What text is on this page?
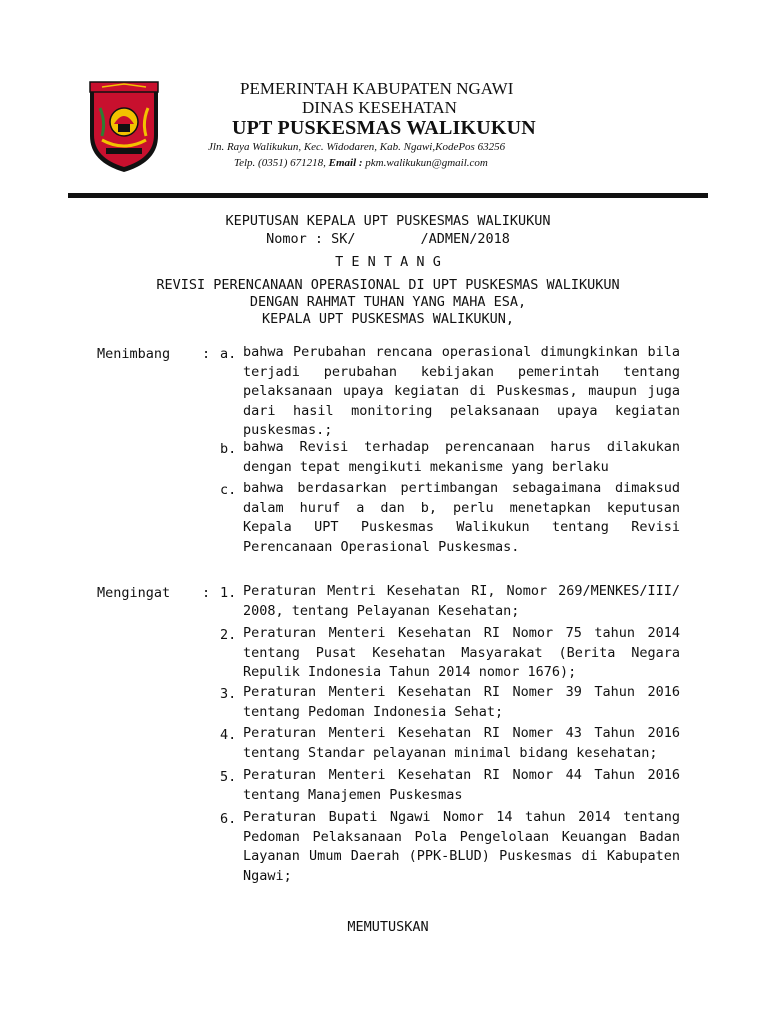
PEMERINTAH KABUPATEN NGAWI
DINAS KESEHATAN
UPT PUSKESMAS WALIKUKUN
Jln. Raya Walikukun, Kec. Widodaren, Kab. Ngawi,KodePos 63256
Telp. (0351) 671218, Email : pkm.walikukun@gmail.com
KEPUTUSAN KEPALA UPT PUSKESMAS WALIKUKUN
Nomor : SK/        /ADMEN/2018
T E N T A N G
REVISI PERENCANAAN OPERASIONAL DI UPT PUSKESMAS WALIKUKUN
DENGAN RAHMAT TUHAN YANG MAHA ESA,
KEPALA UPT PUSKESMAS WALIKUKUN,
Menimbang : a. bahwa Perubahan rencana operasional dimungkinkan bila terjadi perubahan kebijakan pemerintah tentang pelaksanaan upaya kegiatan di Puskesmas, maupun juga dari hasil monitoring pelaksanaan upaya kegiatan puskesmas.;
b. bahwa Revisi terhadap perencanaan harus dilakukan dengan tepat mengikuti mekanisme yang berlaku
c. bahwa berdasarkan pertimbangan sebagaimana dimaksud dalam huruf a dan b, perlu menetapkan keputusan Kepala UPT Puskesmas Walikukun tentang Revisi Perencanaan Operasional Puskesmas.
Mengingat : 1. Peraturan Mentri Kesehatan RI, Nomor 269/MENKES/III/ 2008, tentang Pelayanan Kesehatan;
2. Peraturan Menteri Kesehatan RI Nomor 75 tahun 2014 tentang Pusat Kesehatan Masyarakat (Berita Negara Repulik Indonesia Tahun 2014 nomor 1676);
3. Peraturan Menteri Kesehatan RI Nomer 39 Tahun 2016 tentang Pedoman Indonesia Sehat;
4. Peraturan Menteri Kesehatan RI Nomer 43 Tahun 2016 tentang Standar pelayanan minimal bidang kesehatan;
5. Peraturan Menteri Kesehatan RI Nomor 44 Tahun 2016 tentang Manajemen Puskesmas
6. Peraturan Bupati Ngawi Nomor 14 tahun 2014 tentang Pedoman Pelaksanaan Pola Pengelolaan Keuangan Badan Layanan Umum Daerah (PPK-BLUD) Puskesmas di Kabupaten Ngawi;
MEMUTUSKAN
